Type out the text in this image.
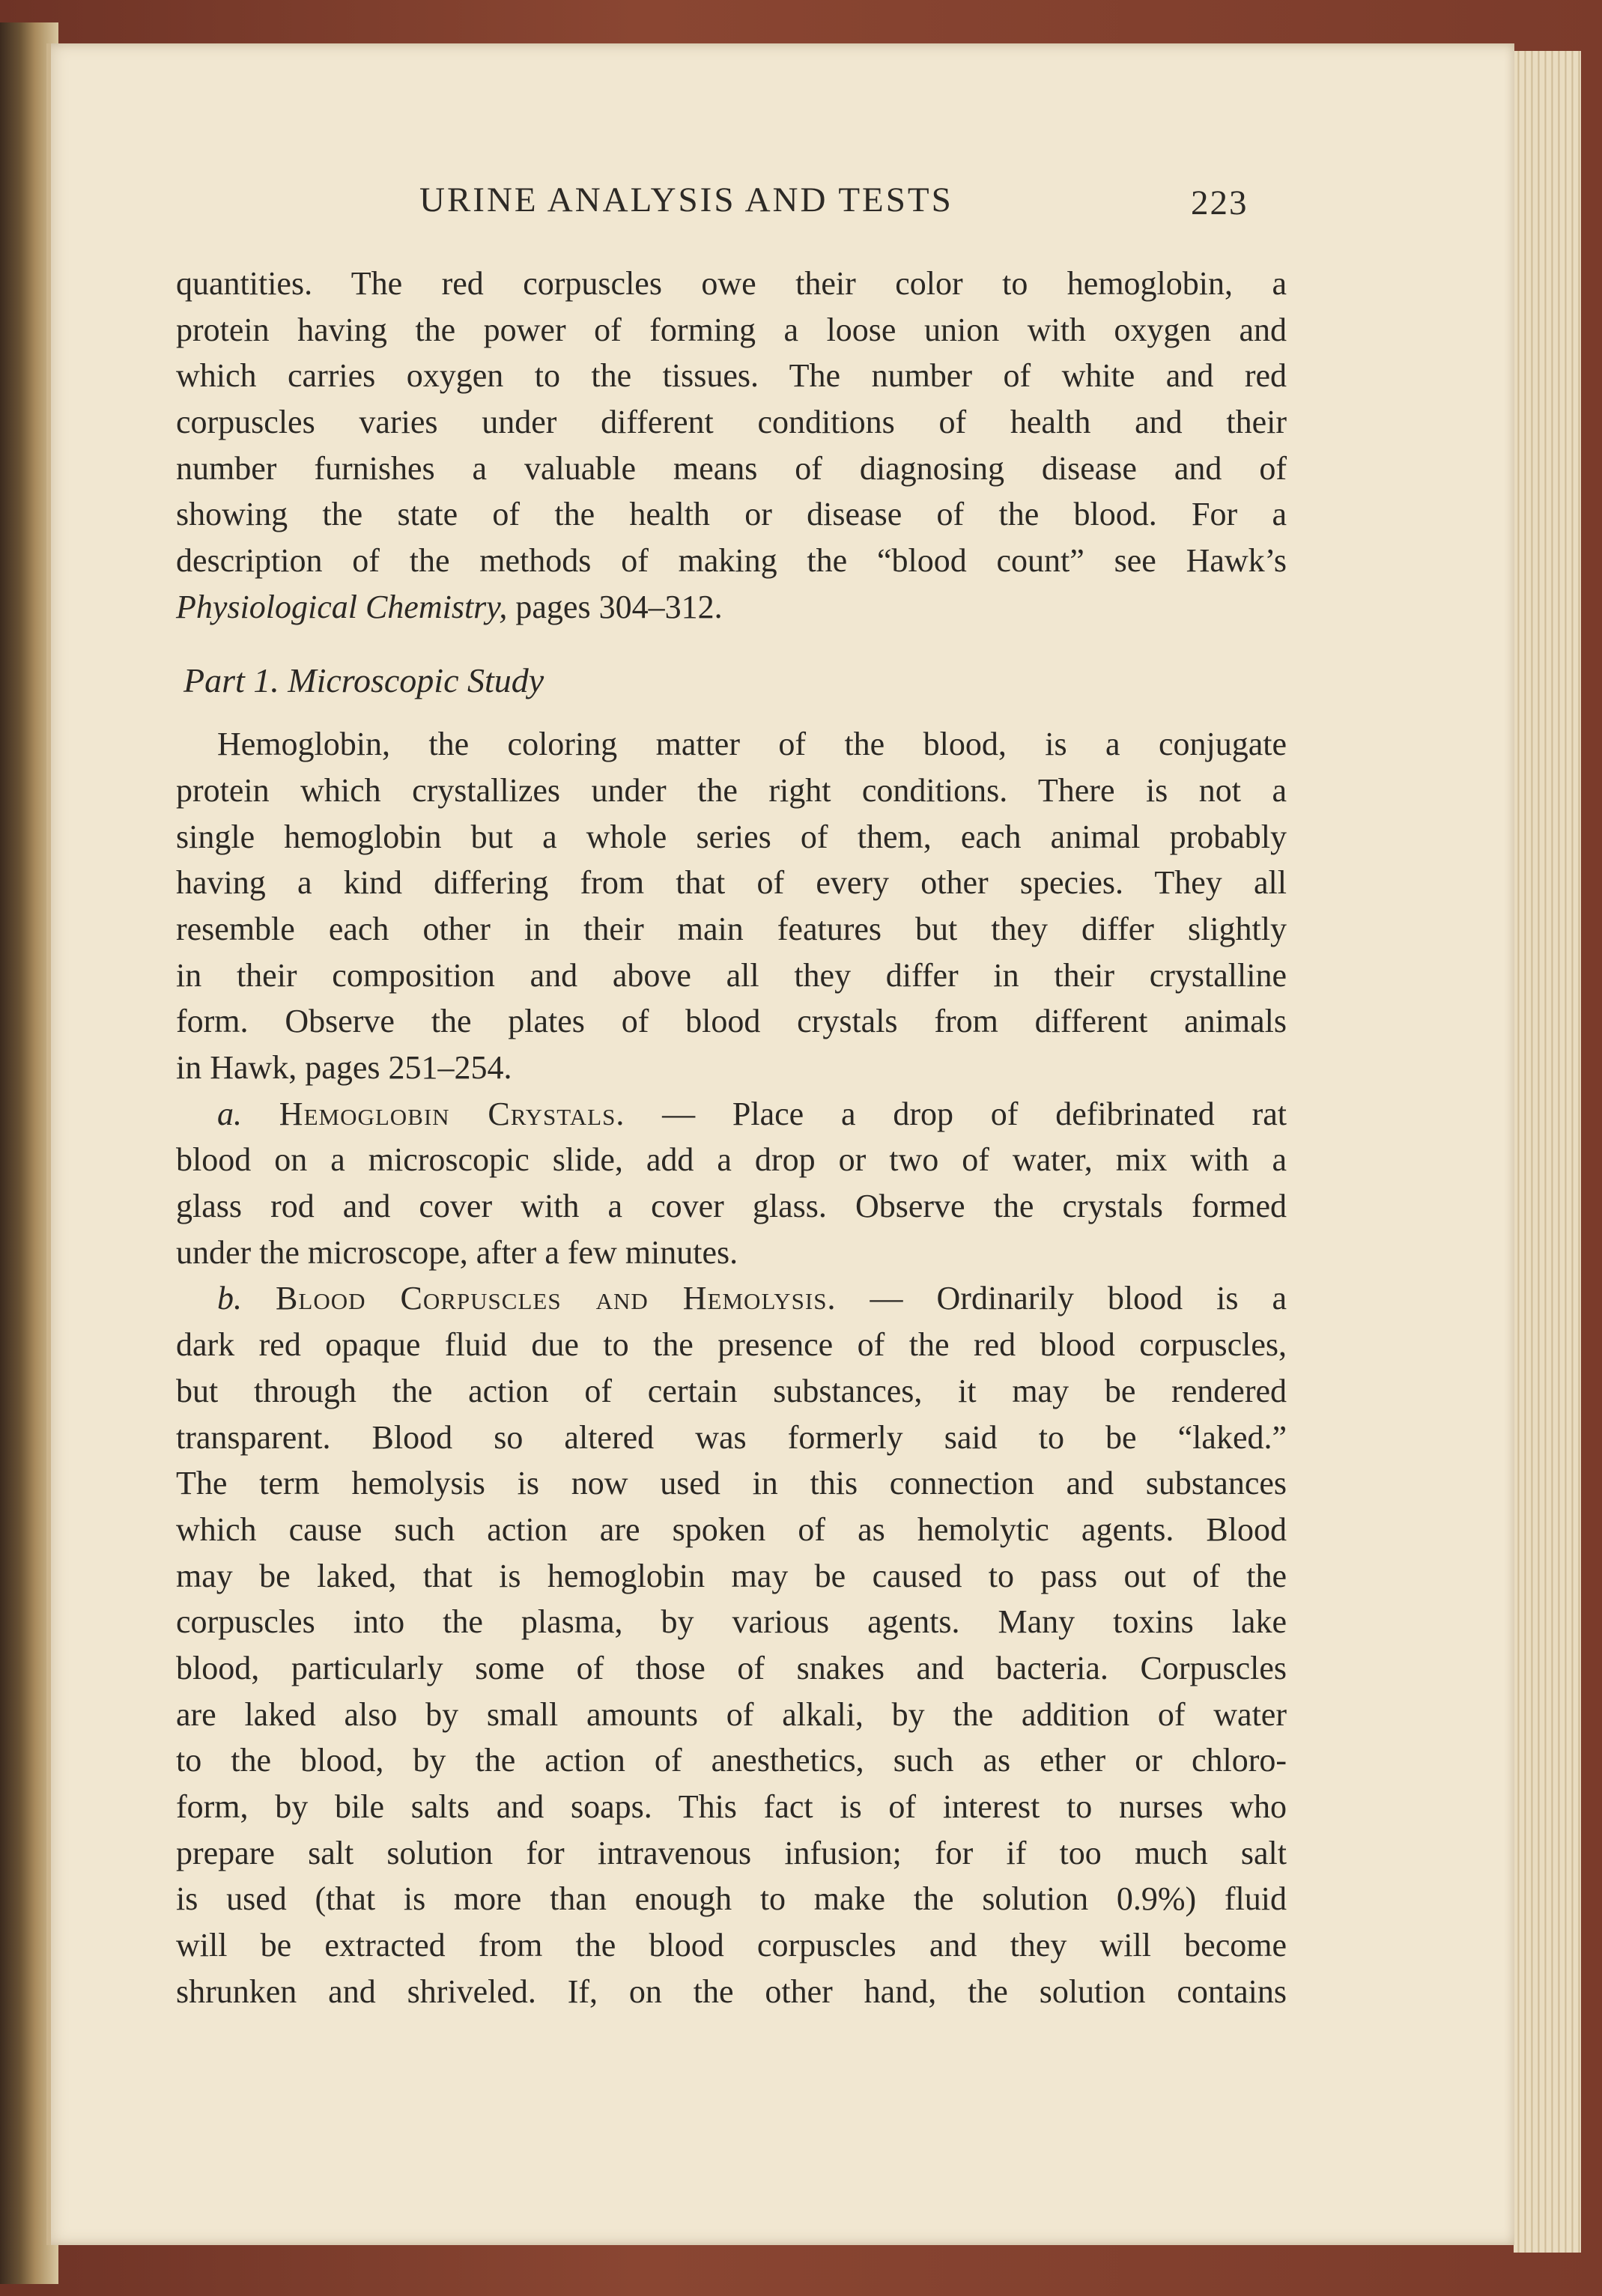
URINE ANALYSIS AND TESTS	223
quantities. The red corpuscles owe their color to hemoglobin, a
protein having the power of forming a loose union with oxygen and
which carries oxygen to the tissues. The number of white and red
corpuscles varies under different conditions of health and their
number furnishes a valuable means of diagnosing disease and of
showing the state of the health or disease of the blood. For a
description of the methods of making the “blood count” see Hawk’s
Physiological Chemistry, pages 304–312.
Part 1. Microscopic Study
Hemoglobin, the coloring matter of the blood, is a conjugate
protein which crystallizes under the right conditions. There is not a
single hemoglobin but a whole series of them, each animal probably
having a kind differing from that of every other species. They all
resemble each other in their main features but they differ slightly
in their composition and above all they differ in their crystalline
form. Observe the plates of blood crystals from different animals
in Hawk, pages 251–254.
a. Hemoglobin Crystals. — Place a drop of defibrinated rat
blood on a microscopic slide, add a drop or two of water, mix with a
glass rod and cover with a cover glass. Observe the crystals formed
under the microscope, after a few minutes.
b. Blood Corpuscles and Hemolysis. — Ordinarily blood is a
dark red opaque fluid due to the presence of the red blood corpuscles,
but through the action of certain substances, it may be rendered
transparent. Blood so altered was formerly said to be “laked.”
The term hemolysis is now used in this connection and substances
which cause such action are spoken of as hemolytic agents. Blood
may be laked, that is hemoglobin may be caused to pass out of the
corpuscles into the plasma, by various agents. Many toxins lake
blood, particularly some of those of snakes and bacteria. Corpuscles
are laked also by small amounts of alkali, by the addition of water
to the blood, by the action of anesthetics, such as ether or chloro-
form, by bile salts and soaps. This fact is of interest to nurses who
prepare salt solution for intravenous infusion; for if too much salt
is used (that is more than enough to make the solution 0.9%) fluid
will be extracted from the blood corpuscles and they will become
shrunken and shriveled. If, on the other hand, the solution contains
